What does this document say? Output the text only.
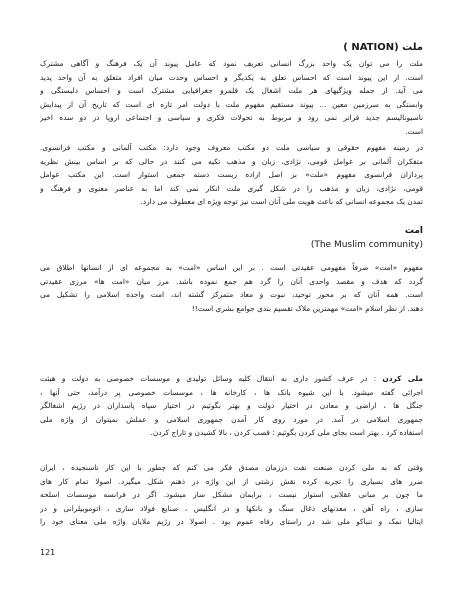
ملت ( NATION)

ملت را می توان یک واحد بزرگ انسانی تعریف نمود که عامل پیوند آن یک فرهنگ و آگاهی مشترک
است. از این پیوند است که احساس تعلق به یکدیگر و احساس وحدت میان افراد متعلق به آن واحد پدید
می آید. از جمله ویژگیهای هر ملت اشغال یک قلمرو جغرافیایی مشترک است و احساس دلبستگی و
وابستگی به سرزمین معین ... پیوند مستقیم مفهوم ملت با دولت امر تازه ای است که تاریخ آن از پیدایش
ناسیونالیسم جدید فراتر نمی رود و مربوط به تحولات فکری و سیاسی و اجتماعی اروپا در دو سده اخیر
است.

در زمینه مفهوم حقوقی و سیاسی ملت دو مکتب معروف وجود دارد: مکتب آلمانی و مکتب فرانسوی.
متفکران آلمانی بر عوامل قومی، نژادی، زبان و مذهب تکیه می کنند در حالی که بر اساس بینش نظریه
پردازان فرانسوی مفهوم «ملت» بر اصل اراده زیست دسته جمعی استوار است. این مکتب عوامل
قومی، نژادی، زبان و مذهب را در شکل گیری ملت انکار نمی کند اما به عناصر معنوی و فرهنگ و
تمدن یک مجموعه انسانی که باعث هویت ملی آنان است نیز توجه ویژه ای معطوف می دارد.

امت
(The Muslim community)

مفهوم «امت» صرفاً مفهومی عقیدتی است . بر این اساس «امت» به مجموعه ای از انسانها اطلاق می
گردد که هدف و مقصد واحدی آنان را گرد هم جمع نموده باشد. مرز میان «امت ها» مرزی عقیدتی
است. همه آنان که بر محور توحید، نبوت و معاد متمرکز گشته اند، امت واحده اسلامی را تشکیل می
دهند. از نظر اسلام «امت» مهمترین ملاک تقسیم بندی جوامع بشری است!!

ملی کردن : در عرف کشور داری به انتقال کلیه وسائل تولیدی و موسسات خصوصی به دولت و هیئت
اجرائی گفته میشود. با این شیوه بانک ها ، کارخانه ها ، موسسات خصوصی پر درآمد، حتی آنها ،
جنگل ها ، اراضی و معادن در اختیار دولت و بهتر بگوئیم در اختیار سپاه پاسداران در رژیم اشغالگر
جمهوری اسلامی در آمد. در مورد روی کار آمدن جمهوری اسلامی و عملش نمیتوان از واژه ملی
استفاده کرد . بهتر است بجای ملی کردن بگوئیم : قصب کردن ، بالا کشیدن و تاراج کردن.

وقتی که به ملی کردن صنعت نفت درزمان مصدق فکر می کنم که چطور با این کار ناسنجیده ، ایران
ضرر های بسیاری را تجربه کرده نقش زشتی از این واژه در ذهنم شکل میگیرد. اصولا تمام کار های
ما چون بر مبانی عقلانی استوار نیست ، برایمان مشکل ساز میشود. اگر در فرانسه موسسات اسلحه
سازی ، راه آهن ، معدنهای ذغال سنگ و بانکها و در انگلیس ، صنایع فولاد سازی ، اتوموبیلرانی و در
ایتالیا نمک و تنباکو ملی شد در راستای رفاه عموم بود . اصولا در رژیم ملایان واژه ملی معنای خود را

121
